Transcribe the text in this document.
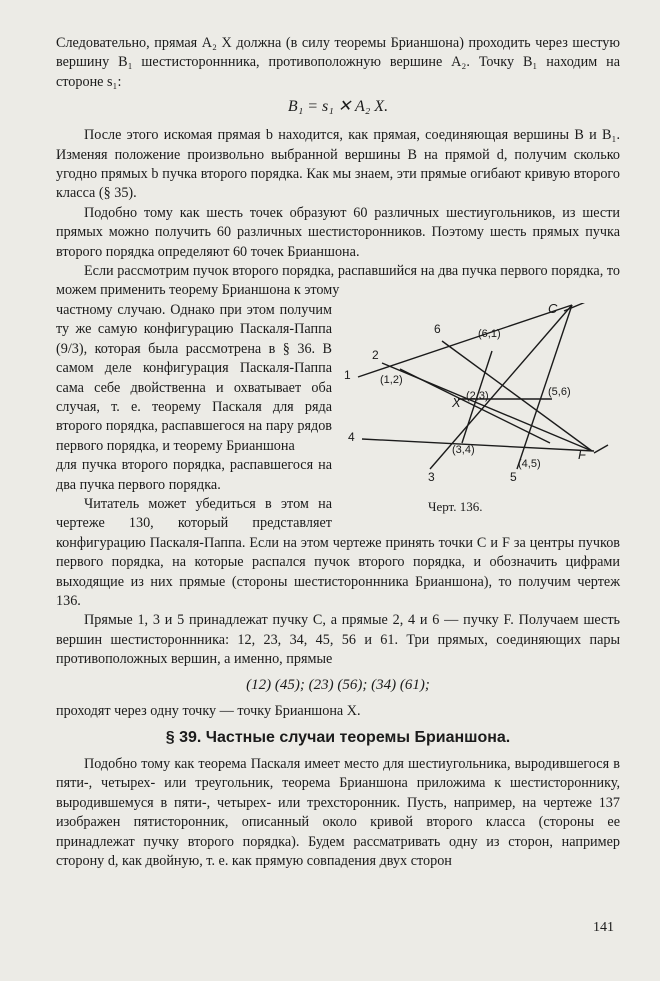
Следовательно, прямая A₂ X должна (в силу теоремы Брианшона) проходить через шестую вершину B₁ шестистороннника, противоположную вершине A₂. Точку B₁ находим на стороне s₁:

B₁ = s₁ ✕ A₂ X.

После этого искомая прямая b находится, как прямая, соединяющая вершины B и B₁. Изменяя положение произвольно выбранной вершины B на прямой d, получим сколько угодно прямых b пучка второго порядка. Как мы знаем, эти прямые огибают кривую второго класса (§ 35).

Подобно тому как шесть точек образуют 60 различных шестиугольников, из шести прямых можно получить 60 различных шестисторонников. Поэтому шесть прямых пучка второго порядка определяют 60 точек Брианшона.

Если рассмотрим пучок второго порядка, распавшийся на два пучка первого порядка, то можем применить теорему Брианшона к этому

C
F
X
1
2
3
4
5
6
(1,2)
(2,3)
(3,4)
(4,5)
(5,6)
(6,1)
Черт. 136.

частному случаю. Однако при этом получим ту же самую конфигурацию Паскаля-Паппа (9/3), которая была рассмотрена в § 36. В самом деле конфигурация Паскаля-Паппа сама себе двойственна и охватывает оба случая, т. е. теорему Паскаля для ряда второго порядка, распавшегося на пару рядов первого порядка, и теорему Брианшона

для пучка второго порядка, распавшегося на два пучка первого порядка.

Читатель может убедиться в этом на чертеже 130, который представляет конфигурацию Паскаля-Паппа. Если на этом чертеже принять точки C и F за центры пучков первого порядка, на которые распался пучок второго порядка, и обозначить цифрами выходящие из них прямые (стороны шестистороннника Брианшона), то получим чертеж 136.

Прямые 1, 3 и 5 принадлежат пучку C, а прямые 2, 4 и 6 — пучку F. Получаем шесть вершин шестистороннника: 12, 23, 34, 45, 56 и 61. Три прямых, соединяющих пары противоположных вершин, а именно, прямые

(12) (45); (23) (56); (34) (61);

проходят через одну точку — точку Брианшона X.

§ 39. Частные случаи теоремы Брианшона.

Подобно тому как теорема Паскаля имеет место для шестиугольника, выродившегося в пяти-, четырех- или треугольник, теорема Брианшона приложима к шестистороннику, выродившемуся в пяти-, четырех- или трехсторонник. Пусть, например, на чертеже 137 изображен пятисторонник, описанный около кривой второго класса (стороны ее принадлежат пучку второго порядка). Будем рассматривать одну из сторон, например сторону d, как двойную, т. е. как прямую совпадения двух сторон

141
